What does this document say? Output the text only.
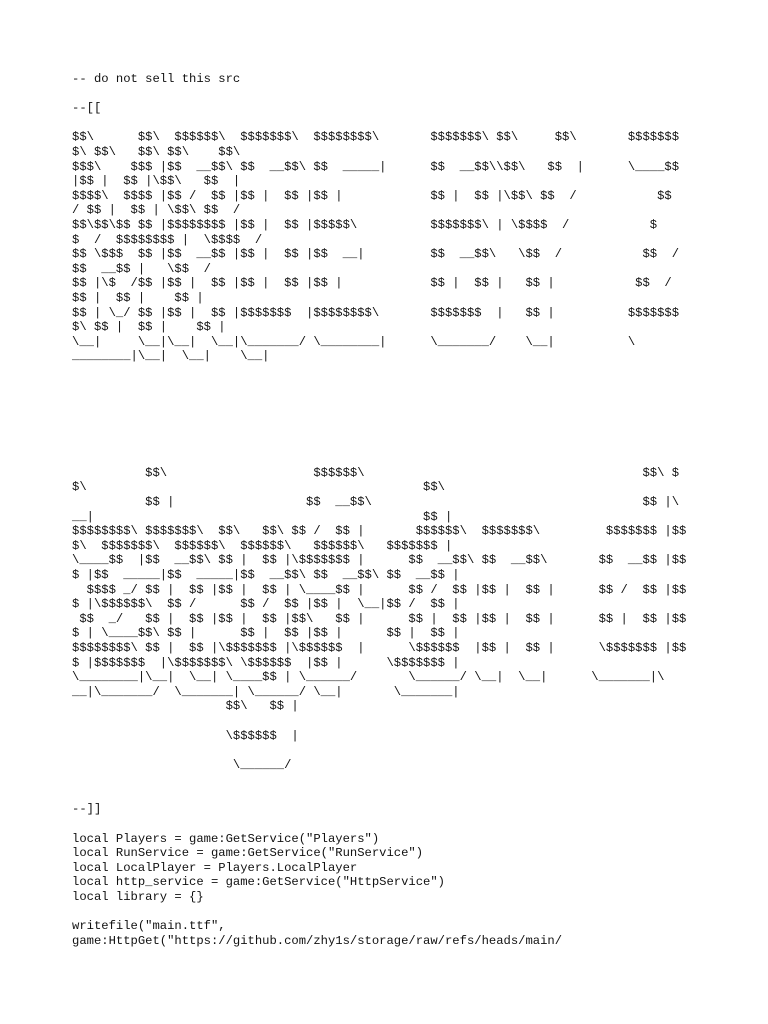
-- do not sell this src
--[[
$$\      $$\  $$$$$$\  $$$$$$$\  $$$$$$$$\       $$$$$$$\ $$\     $$\       $$$$$$$
$\ $$\   $$\ $$\    $$\
$$$\    $$$ |$$  __$$\ $$  __$$\ $$  _____|      $$  __$$\\$$\   $$  |      \____$$
|$$ |  $$ |\$$\   $$  |
$$$$\  $$$$ |$$ /  $$ |$$ |  $$ |$$ |            $$ |  $$ |\$$\ $$  /           $$
/ $$ |  $$ | \$$\ $$  /
$$\$$\$$ $$ |$$$$$$$$ |$$ |  $$ |$$$$$\          $$$$$$$\ | \$$$$  /           $
$  /  $$$$$$$$ |  \$$$$  /
$$ \$$$  $$ |$$  __$$ |$$ |  $$ |$$  __|         $$  __$$\   \$$  /           $$  /
$$  __$$ |   \$$  /
$$ |\$  /$$ |$$ |  $$ |$$ |  $$ |$$ |            $$ |  $$ |   $$ |           $$  /
$$ |  $$ |    $$ |
$$ | \_/ $$ |$$ |  $$ |$$$$$$$  |$$$$$$$$\       $$$$$$$  |   $$ |          $$$$$$$
$\ $$ |  $$ |    $$ |
\__|     \__|\__|  \__|\_______/ \________|      \_______/    \__|          \
________|\__|  \__|    \__|
$$\                    $$$$$$\                                      $$\ $
$\                                              $$\
$$ |                  $$  __$$\                                     $$ |\
__|                                             $$ |
$$$$$$$$\ $$$$$$$\  $$\   $$\ $$ /  $$ |       $$$$$$\  $$$$$$$\         $$$$$$$ |$$
$\  $$$$$$$\  $$$$$$\  $$$$$$\   $$$$$$\   $$$$$$$ |
\____$$  |$$  __$$\ $$ |  $$ |\$$$$$$$ |      $$  __$$\ $$  __$$\       $$  __$$ |$$
$ |$$  _____|$$  _____|$$  __$$\ $$  __$$\ $$  __$$ |
$$$$ _/ $$ |  $$ |$$ |  $$ | \____$$ |      $$ /  $$ |$$ |  $$ |      $$ /  $$ |$$
$ |\$$$$$$\  $$ /      $$ /  $$ |$$ |  \__|$$ /  $$ |
$$  _/   $$ |  $$ |$$ |  $$ |$$\   $$ |      $$ |  $$ |$$ |  $$ |      $$ |  $$ |$$
$ | \____$$\ $$ |      $$ |  $$ |$$ |      $$ |  $$ |
$$$$$$$$\ $$ |  $$ |\$$$$$$$ |\$$$$$$  |      \$$$$$$  |$$ |  $$ |      \$$$$$$$ |$$
$ |$$$$$$$  |\$$$$$$$\ \$$$$$$  |$$ |      \$$$$$$$ |
\________|\__|  \__| \____$$ | \______/       \______/ \__|  \__|      \_______|\
__|\_______/  \_______| \______/ \__|       \_______|
$$\   $$ |

\$$$$$$  |

\______/
--]]
local Players = game:GetService("Players")
local RunService = game:GetService("RunService")
local LocalPlayer = Players.LocalPlayer
local http_service = game:GetService("HttpService")
local library = {}
writefile("main.ttf",
game:HttpGet("https://github.com/zhy1s/storage/raw/refs/heads/main/
